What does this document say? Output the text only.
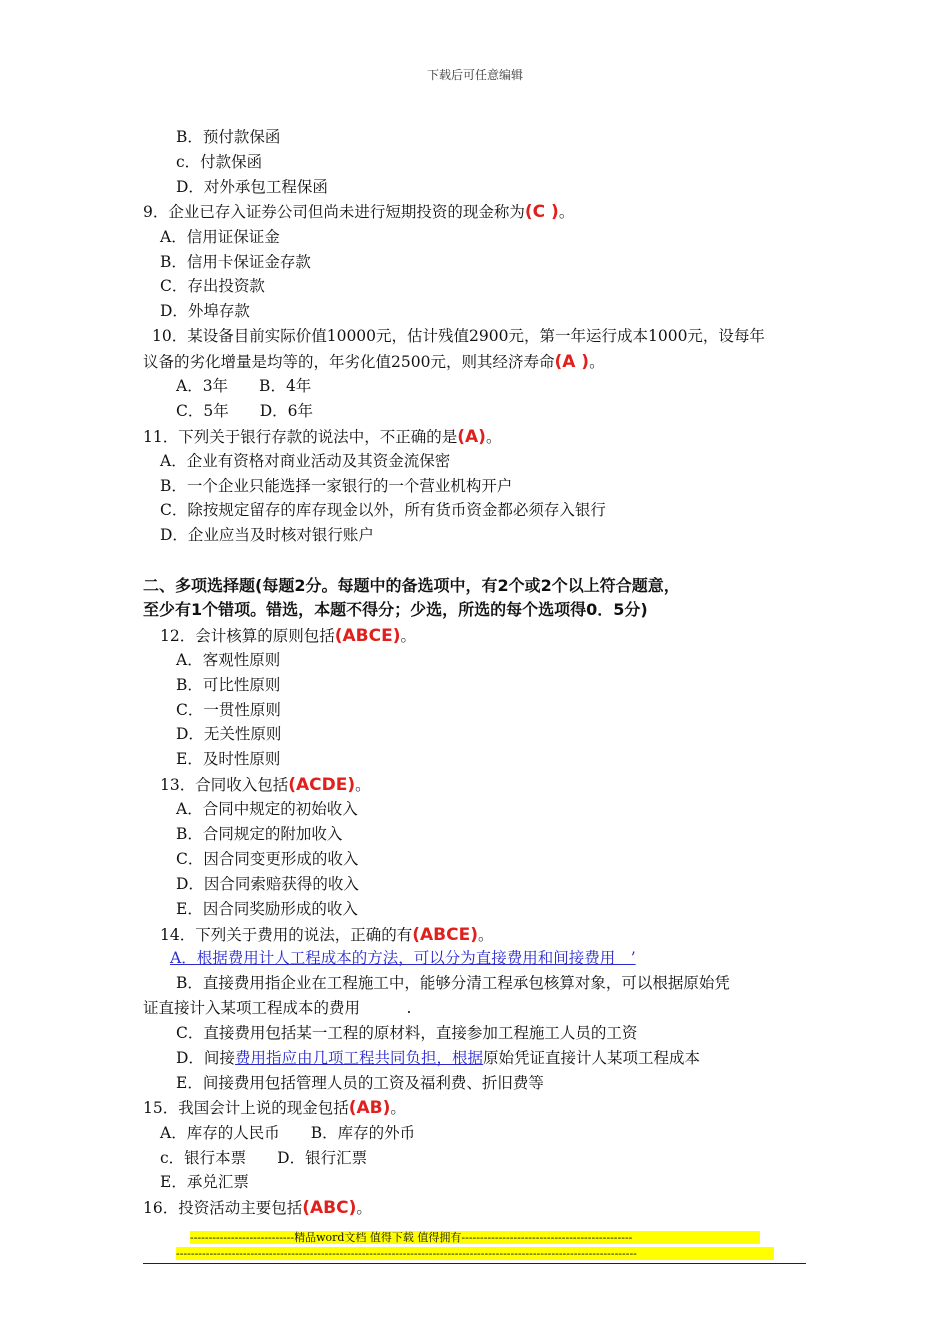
下载后可任意编辑
B．预付款保函
c．付款保函
D．对外承包工程保函
9．企业已存入证券公司但尚未进行短期投资的现金称为(C )。
A．信用证保证金
B．信用卡保证金存款
C．存出投资款
D．外埠存款
10．某设备目前实际价值10000元，估计残值2900元，第一年运行成本1000元，设每年
议备的劣化增量是均等的，年劣化值2500元，则其经济寿命(A )。
A．3年　　B．4年
C．5年　　D．6年
11．下列关于银行存款的说法中，不正确的是(A)。
A．企业有资格对商业活动及其资金流保密
B．一个企业只能选择一家银行的一个营业机构开户
C．除按规定留存的库存现金以外，所有货币资金都必须存入银行
D．企业应当及时核对银行账户
二、多项选择题(每题2分。每题中的备选项中，有2个或2个以上符合题意，
至少有1个错项。错选，本题不得分；少选，所选的每个选项得0．5分)
12．会计核算的原则包括(ABCE)。
A．客观性原则
B．可比性原则
C．一贯性原则
D．无关性原则
E．及时性原则
13．合同收入包括(ACDE)。
A．合同中规定的初始收入
B．合同规定的附加收入
C．因合同变更形成的收入
D．因合同索赔获得的收入
E．因合同奖励形成的收入
14．下列关于费用的说法，正确的有(ABCE)。
A．根据费用计人工程成本的方法，可以分为直接费用和间接费用　’
B．直接费用指企业在工程施工中，能够分清工程承包核算对象，可以根据原始凭
证直接计入某项工程成本的费用　　　.
C．直接费用包括某一工程的原材料，直接参加工程施工人员的工资
D．间接费用指应由几项工程共同负担，根据原始凭证直接计人某项工程成本
E．间接费用包括管理人员的工资及福利费、折旧费等
15．我国会计上说的现金包括(AB)。
A．库存的人民币　　B．库存的外币
c．银行本票　　D．银行汇票
E．承兑汇票
16．投资活动主要包括(ABC)。
----------------------------精品word文档 值得下载 值得拥有----------------------------------------------
----------------------------------------------------------------------------------------------------------------------------
